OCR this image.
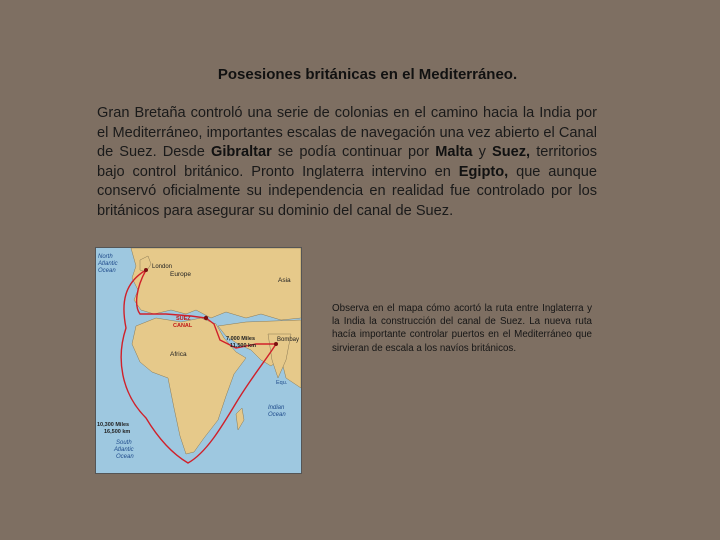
Posesiones británicas en el Mediterráneo.
Gran Bretaña controló una serie de colonias en el camino hacia la India por el Mediterráneo, importantes escalas de navegación una vez abierto el Canal de Suez. Desde Gibraltar se podía continuar por Malta y Suez, territorios bajo control británico. Pronto Inglaterra intervino en Egipto, que aunque conservó oficialmente su independencia en realidad fue controlado por los británicos para asegurar su dominio del canal de Suez.
North
Atlantic
Ocean
London
Europe
Asia
SUEZ
CANAL
7,000 Miles
11,500 km
Bombay
Africa
Equ.
Indian
Ocean
10,300 Miles
16,500 km
South
Atlantic
Ocean
Observa en el mapa cómo acortó la ruta entre Inglaterra y la India la construcción del canal de Suez. La nueva ruta hacía importante controlar puertos en el Mediterráneo que sirvieran de escala a los navíos británicos.
